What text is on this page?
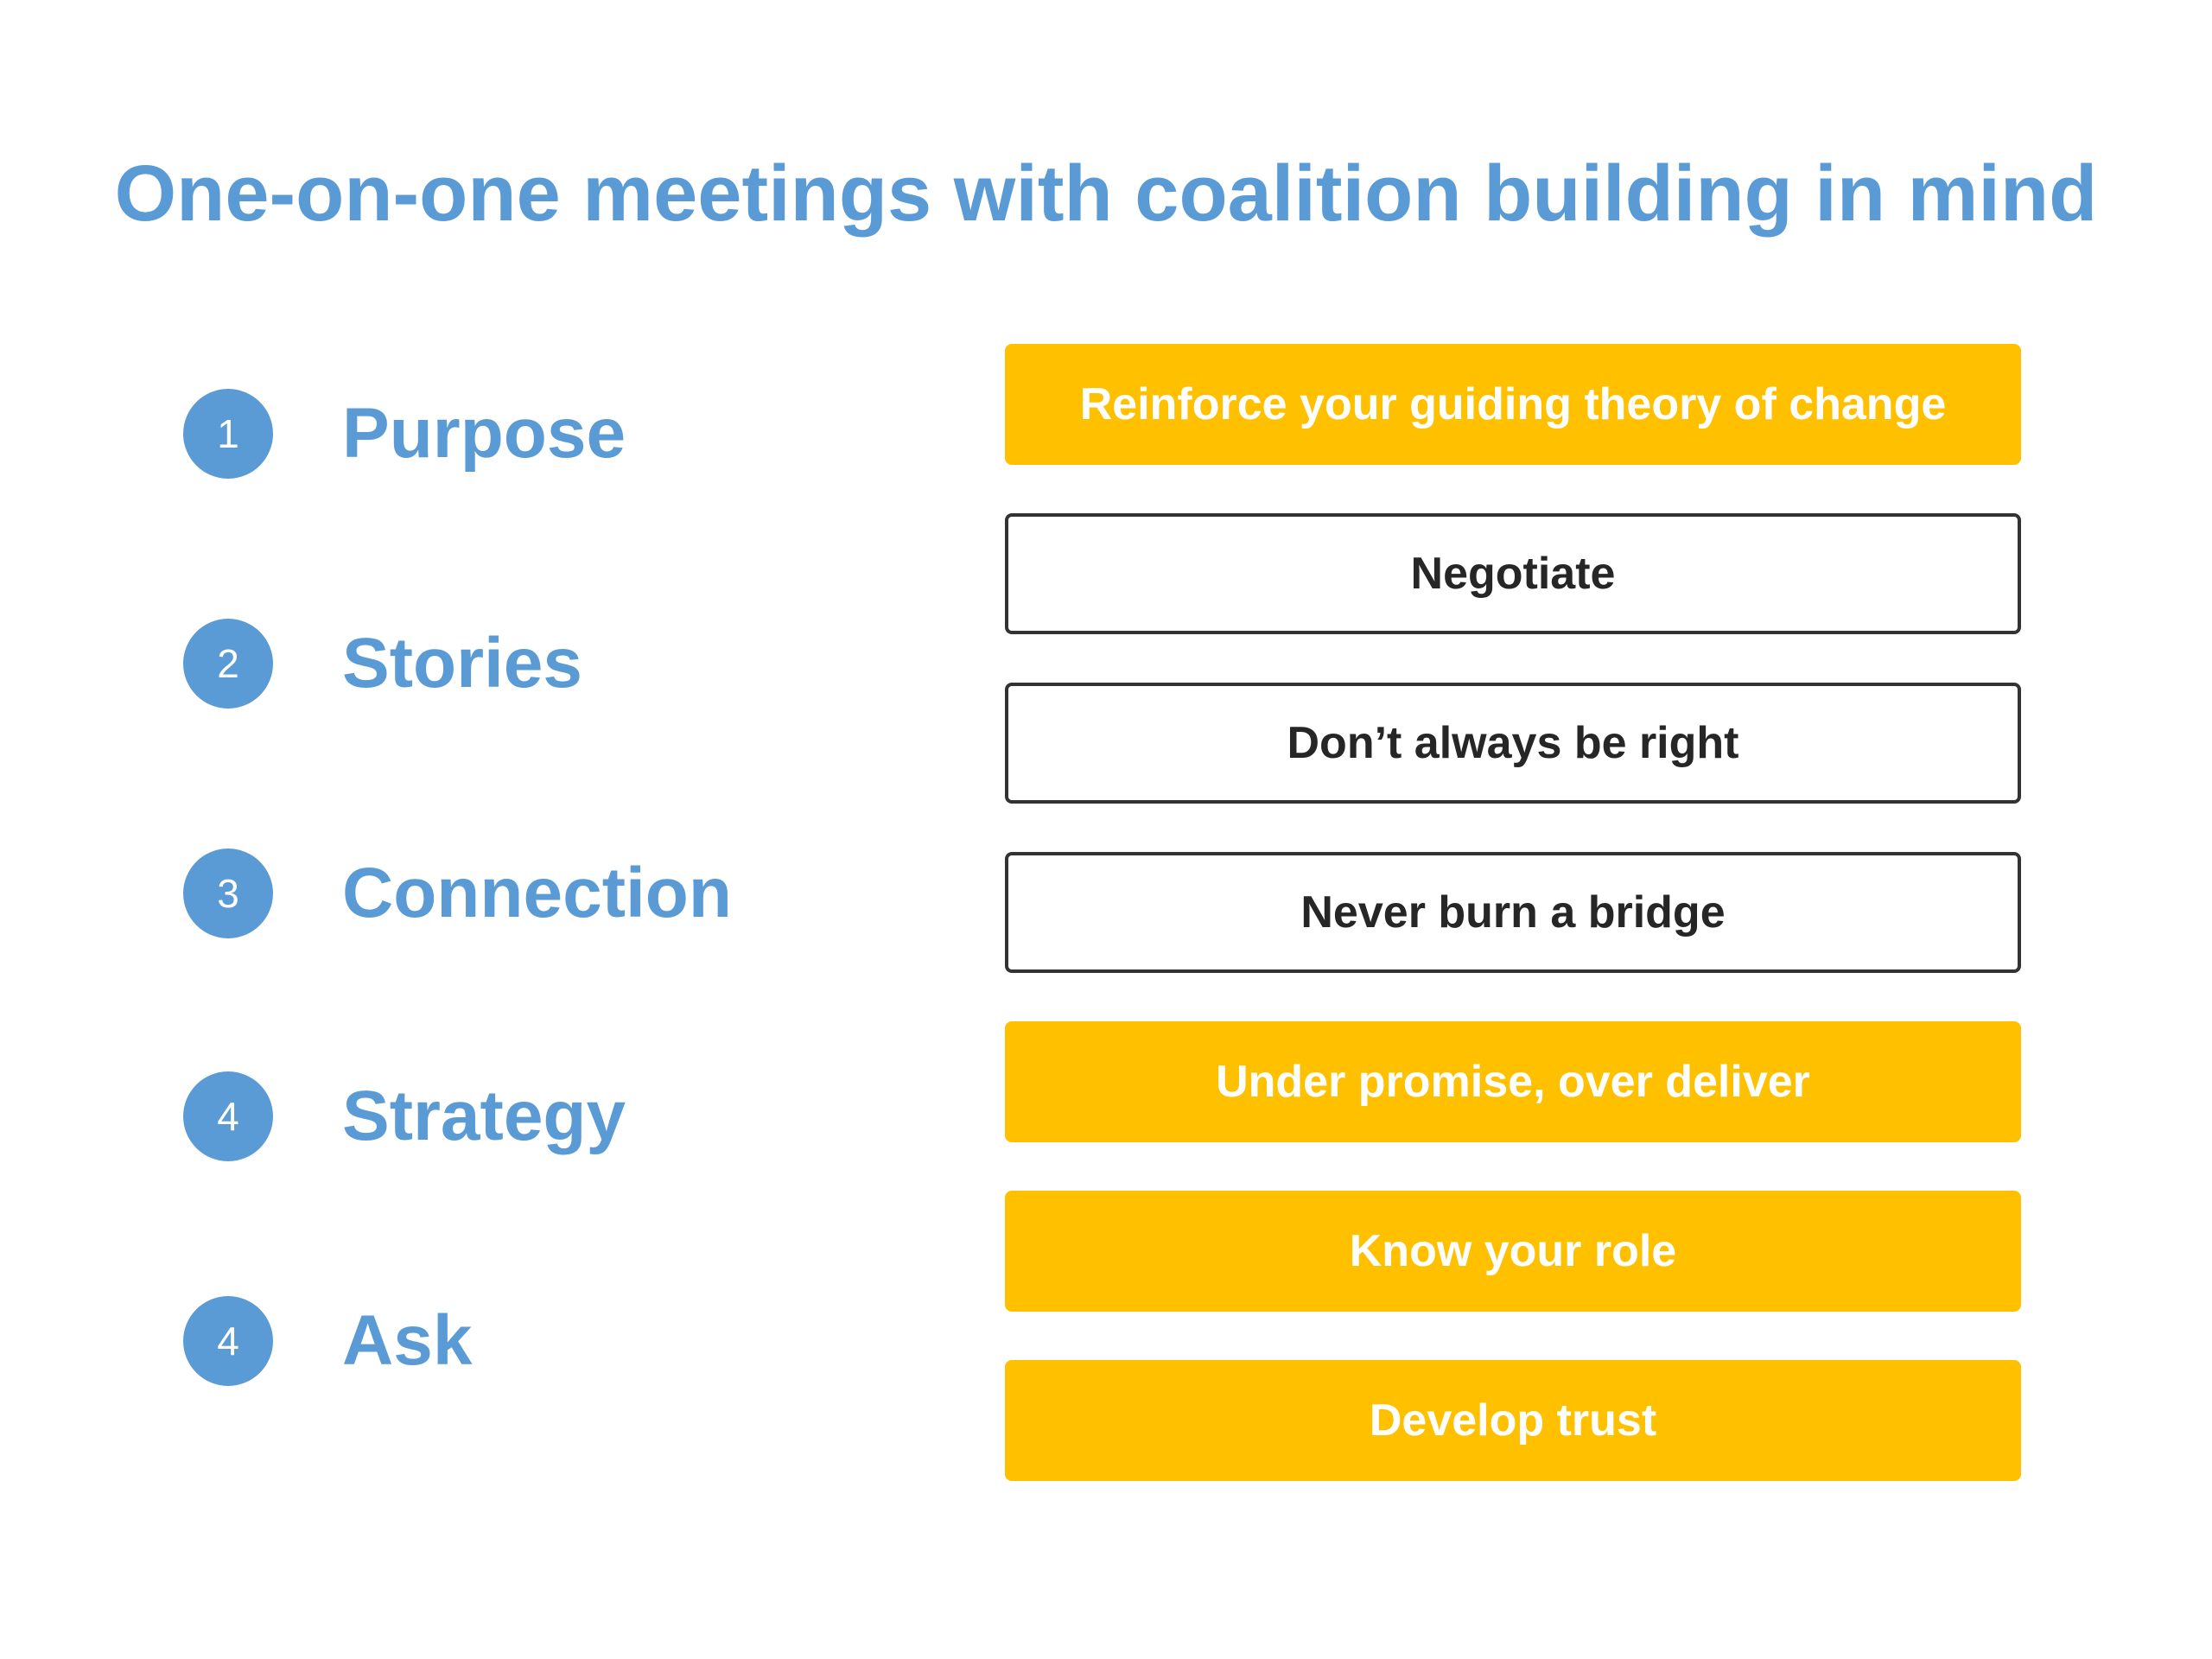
One-on-one meetings with coalition building in mind
1	Purpose
2	Stories
3	Connection
4	Strategy
4	Ask
Reinforce your guiding theory of change
Negotiate
Don’t always be right
Never burn a bridge
Under promise, over deliver
Know your role
Develop trust
